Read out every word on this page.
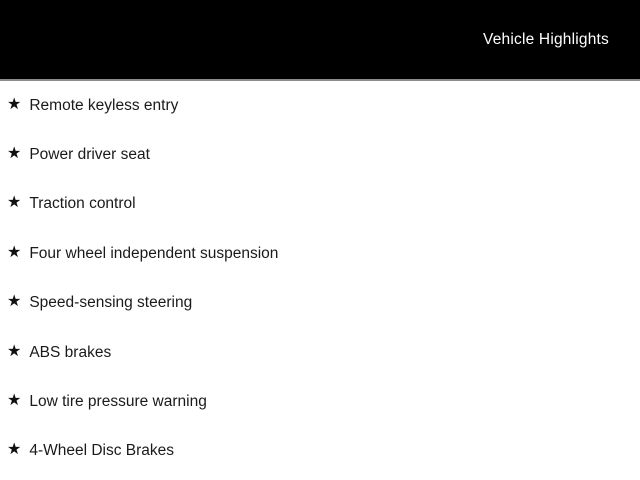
Vehicle Highlights
★ Remote keyless entry
★ Power driver seat
★ Traction control
★ Four wheel independent suspension
★ Speed-sensing steering
★ ABS brakes
★ Low tire pressure warning
★ 4-Wheel Disc Brakes
